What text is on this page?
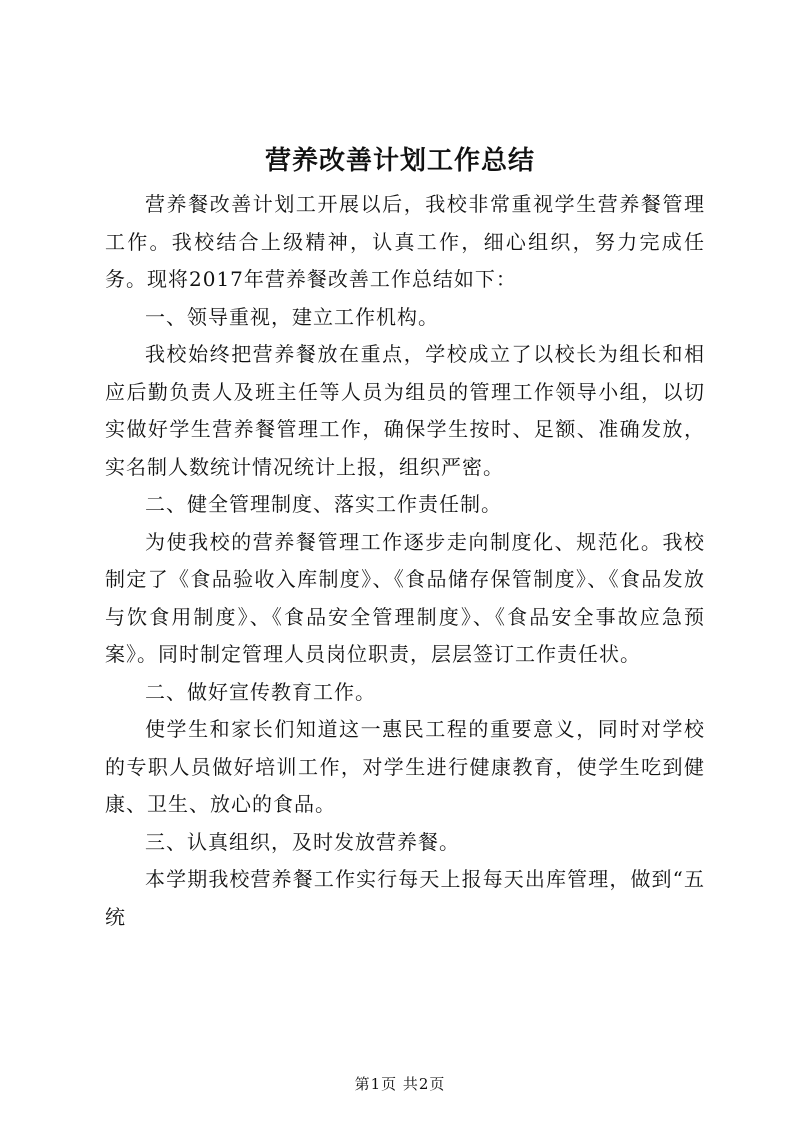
营养改善计划工作总结

营养餐改善计划工开展以后，我校非常重视学生营养餐管理工作。我校结合上级精神，认真工作，细心组织，努力完成任务。现将2017年营养餐改善工作总结如下：

一、领导重视，建立工作机构。

我校始终把营养餐放在重点，学校成立了以校长为组长和相应后勤负责人及班主任等人员为组员的管理工作领导小组，以切实做好学生营养餐管理工作，确保学生按时、足额、准确发放，实名制人数统计情况统计上报，组织严密。

二、健全管理制度、落实工作责任制。

为使我校的营养餐管理工作逐步走向制度化、规范化。我校制定了《食品验收入库制度》、《食品储存保管制度》、《食品发放与饮食用制度》、《食品安全管理制度》、《食品安全事故应急预案》。同时制定管理人员岗位职责，层层签订工作责任状。

二、做好宣传教育工作。

使学生和家长们知道这一惠民工程的重要意义，同时对学校的专职人员做好培训工作，对学生进行健康教育，使学生吃到健康、卫生、放心的食品。

三、认真组织，及时发放营养餐。

本学期我校营养餐工作实行每天上报每天出库管理，做到“五统

第1页 共2页
